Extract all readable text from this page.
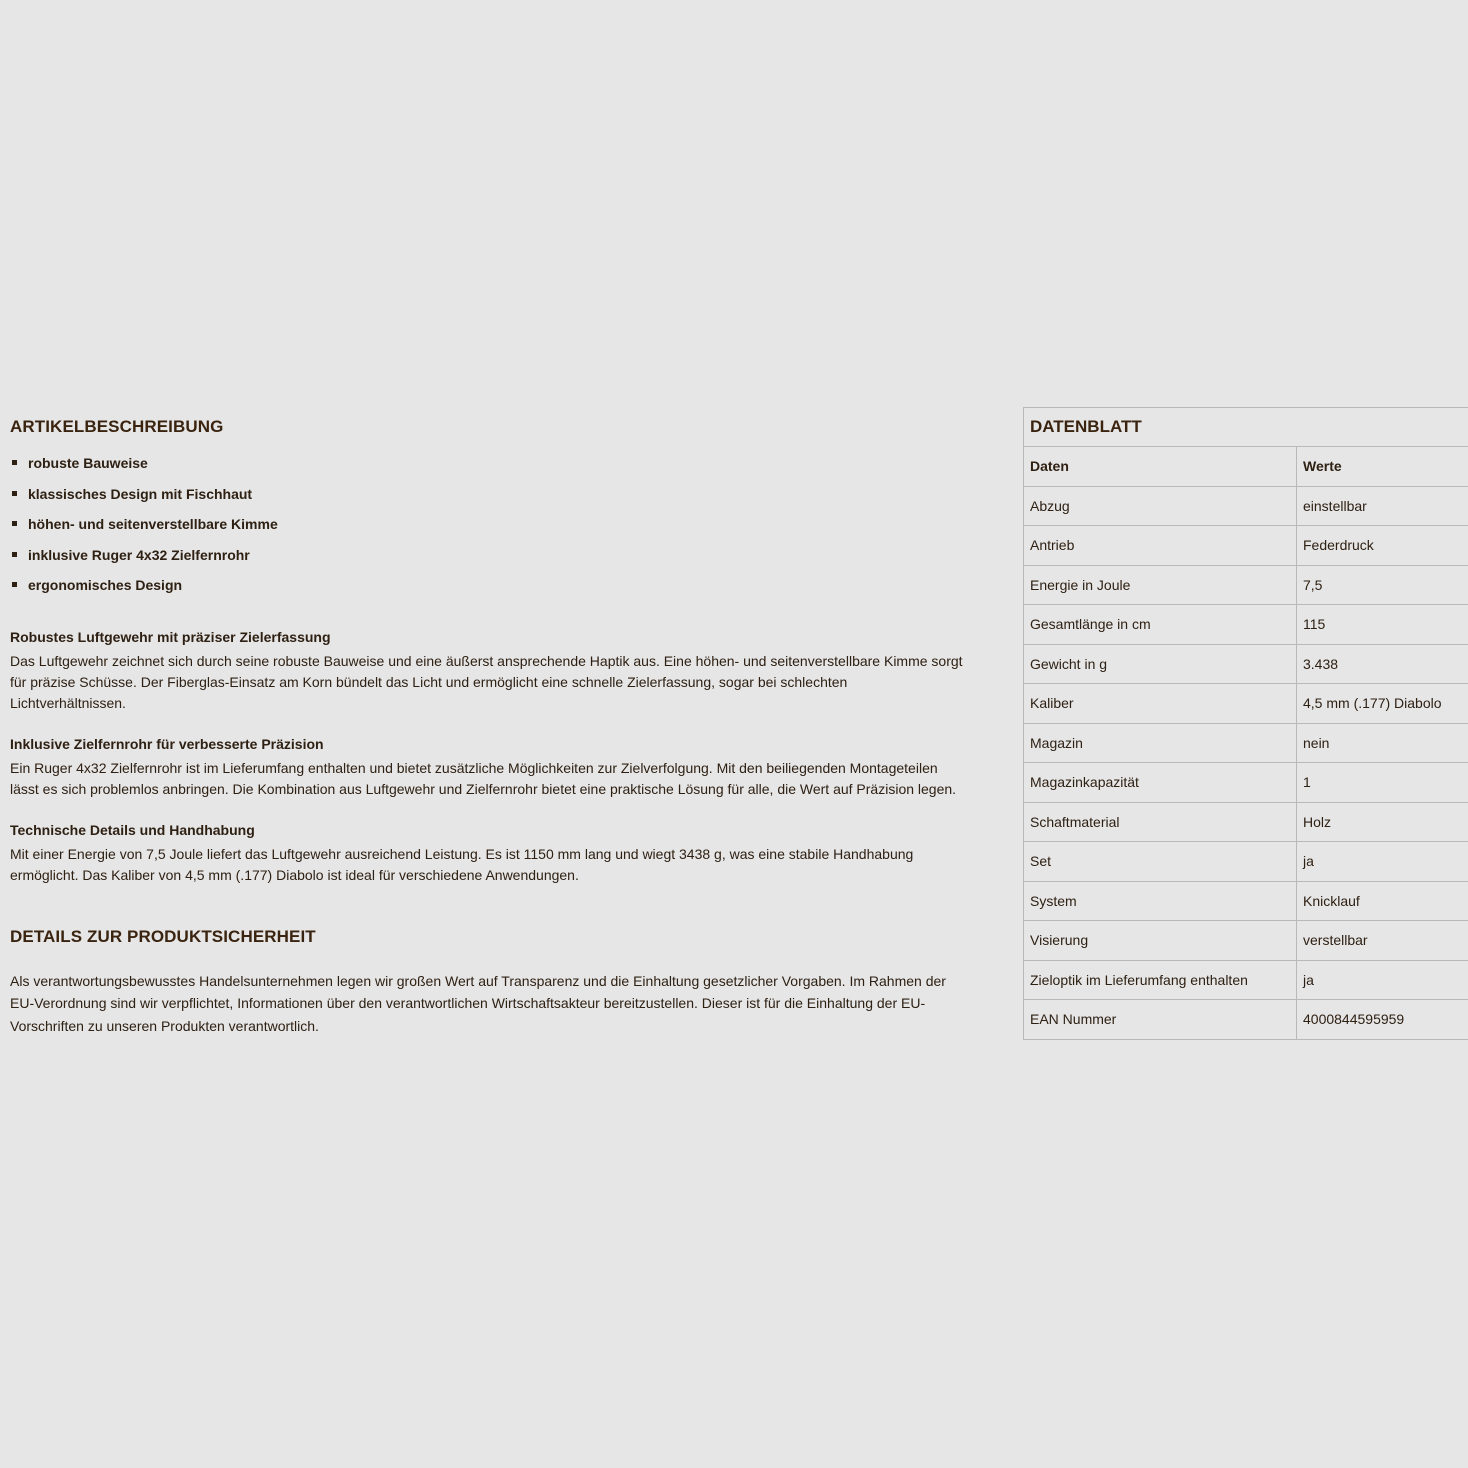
ARTIKELBESCHREIBUNG
robuste Bauweise
klassisches Design mit Fischhaut
höhen- und seitenverstellbare Kimme
inklusive Ruger 4x32 Zielfernrohr
ergonomisches Design
Robustes Luftgewehr mit präziser Zielerfassung

Das Luftgewehr zeichnet sich durch seine robuste Bauweise und eine äußerst ansprechende Haptik aus. Eine höhen- und seitenverstellbare Kimme sorgt für präzise Schüsse. Der Fiberglas-Einsatz am Korn bündelt das Licht und ermöglicht eine schnelle Zielerfassung, sogar bei schlechten Lichtverhältnissen.

Inklusive Zielfernrohr für verbesserte Präzision

Ein Ruger 4x32 Zielfernrohr ist im Lieferumfang enthalten und bietet zusätzliche Möglichkeiten zur Zielverfolgung. Mit den beiliegenden Montageteilen lässt es sich problemlos anbringen. Die Kombination aus Luftgewehr und Zielfernrohr bietet eine praktische Lösung für alle, die Wert auf Präzision legen.

Technische Details und Handhabung

Mit einer Energie von 7,5 Joule liefert das Luftgewehr ausreichend Leistung. Es ist 1150 mm lang und wiegt 3438 g, was eine stabile Handhabung ermöglicht. Das Kaliber von 4,5 mm (.177) Diabolo ist ideal für verschiedene Anwendungen.

DETAILS ZUR PRODUKTSICHERHEIT

Als verantwortungsbewusstes Handelsunternehmen legen wir großen Wert auf Transparenz und die Einhaltung gesetzlicher Vorgaben. Im Rahmen der EU-Verordnung sind wir verpflichtet, Informationen über den verantwortlichen Wirtschaftsakteur bereitzustellen. Dieser ist für die Einhaltung der EU-Vorschriften zu unseren Produkten verantwortlich.

DATENBLATT
Daten	Werte
Abzug	einstellbar
Antrieb	Federdruck
Energie in Joule	7,5
Gesamtlänge in cm	115
Gewicht in g	3.438
Kaliber	4,5 mm (.177) Diabolo
Magazin	nein
Magazinkapazität	1
Schaftmaterial	Holz
Set	ja
System	Knicklauf
Visierung	verstellbar
Zieloptik im Lieferumfang enthalten	ja
EAN Nummer	4000844595959
